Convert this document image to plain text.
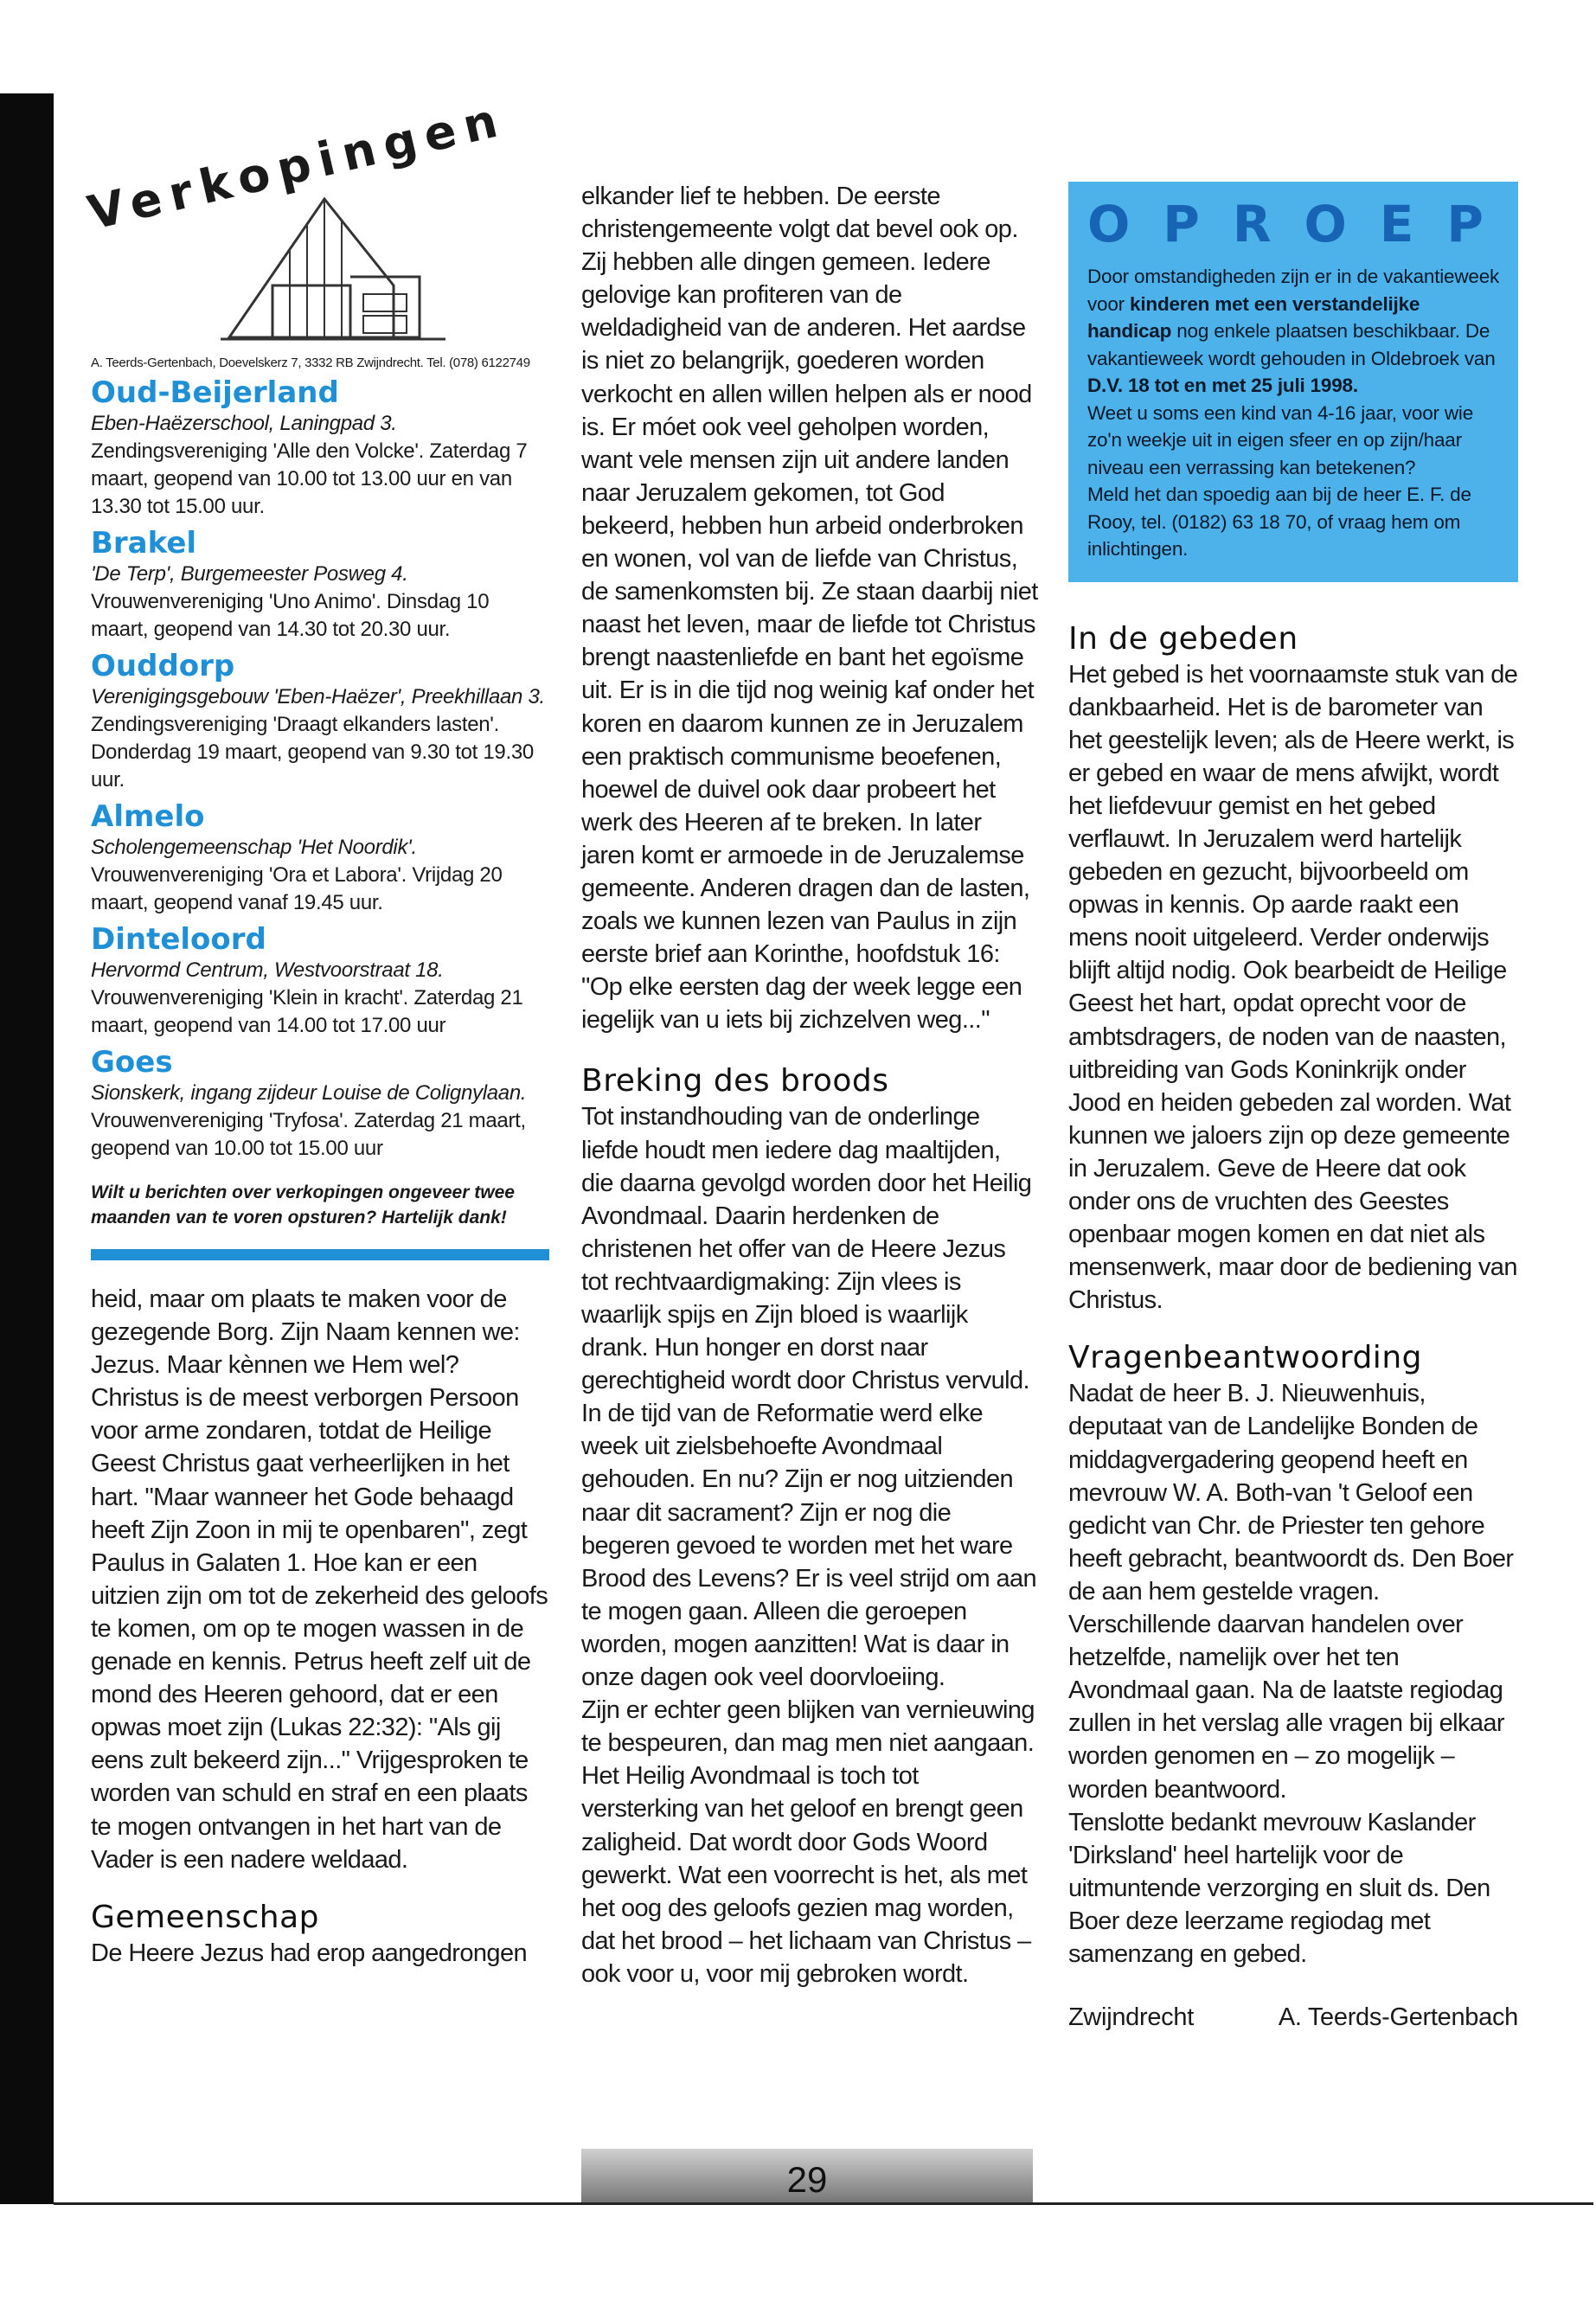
Verkopingen
A. Teerds-Gertenbach, Doevelskerz 7, 3332 RB Zwijndrecht. Tel. (078) 6122749
Oud-Beijerland

Eben-Haëzerschool, Laningpad 3. Zendingsvereniging 'Alle den Volcke'. Zaterdag 7 maart, geopend van 10.00 tot 13.00 uur en van 13.30 tot 15.00 uur.

Brakel

'De Terp', Burgemeester Posweg 4. Vrouwenvereniging 'Uno Animo'. Dinsdag 10 maart, geopend van 14.30 tot 20.30 uur.

Ouddorp

Verenigingsgebouw 'Eben-Haëzer', Preekhillaan 3. Zendingsvereniging 'Draagt elkanders lasten'. Donderdag 19 maart, geopend van 9.30 tot 19.30 uur.

Almelo

Scholengemeenschap 'Het Noordik'. Vrouwenvereniging 'Ora et Labora'. Vrijdag 20 maart, geopend vanaf 19.45 uur.

Dinteloord

Hervormd Centrum, Westvoorstraat 18. Vrouwenvereniging 'Klein in kracht'. Zaterdag 21 maart, geopend van 14.00 tot 17.00 uur

Goes

Sionskerk, ingang zijdeur Louise de Colignylaan. Vrouwenvereniging 'Tryfosa'. Zaterdag 21 maart, geopend van 10.00 tot 15.00 uur

Wilt u berichten over verkopingen ongeveer twee maanden van te voren opsturen? Hartelijk dank!

heid, maar om plaats te maken voor de gezegende Borg. Zijn Naam kennen we: Jezus. Maar kènnen we Hem wel? Christus is de meest verborgen Persoon voor arme zondaren, totdat de Heilige Geest Christus gaat verheerlijken in het hart. "Maar wanneer het Gode behaagd heeft Zijn Zoon in mij te openbaren", zegt Paulus in Galaten 1. Hoe kan er een uitzien zijn om tot de zekerheid des geloofs te komen, om op te mogen wassen in de genade en kennis. Petrus heeft zelf uit de mond des Heeren gehoord, dat er een opwas moet zijn (Lukas 22:32): "Als gij eens zult bekeerd zijn..." Vrijgesproken te worden van schuld en straf en een plaats te mogen ontvangen in het hart van de Vader is een nadere weldaad.

Gemeenschap

De Heere Jezus had erop aangedrongen

elkander lief te hebben. De eerste christengemeente volgt dat bevel ook op. Zij hebben alle dingen gemeen. Iedere gelovige kan profiteren van de weldadigheid van de anderen. Het aardse is niet zo belangrijk, goederen worden verkocht en allen willen helpen als er nood is. Er móet ook veel geholpen worden, want vele mensen zijn uit andere landen naar Jeruzalem gekomen, tot God bekeerd, hebben hun arbeid onderbroken en wonen, vol van de liefde van Christus, de samenkomsten bij. Ze staan daarbij niet naast het leven, maar de liefde tot Christus brengt naastenliefde en bant het egoïsme uit. Er is in die tijd nog weinig kaf onder het koren en daarom kunnen ze in Jeruzalem een praktisch communisme beoefenen, hoewel de duivel ook daar probeert het werk des Heeren af te breken. In later jaren komt er armoede in de Jeruzalemse gemeente. Anderen dragen dan de lasten, zoals we kunnen lezen van Paulus in zijn eerste brief aan Korinthe, hoofdstuk 16: "Op elke eersten dag der week legge een iegelijk van u iets bij zichzelven weg..."

Breking des broods

Tot instandhouding van de onderlinge liefde houdt men iedere dag maaltijden, die daarna gevolgd worden door het Heilig Avondmaal. Daarin herdenken de christenen het offer van de Heere Jezus tot rechtvaardigmaking: Zijn vlees is waarlijk spijs en Zijn bloed is waarlijk drank. Hun honger en dorst naar gerechtigheid wordt door Christus vervuld. In de tijd van de Reformatie werd elke week uit zielsbehoefte Avondmaal gehouden. En nu? Zijn er nog uitzienden naar dit sacrament? Zijn er nog die begeren gevoed te worden met het ware Brood des Levens? Er is veel strijd om aan te mogen gaan. Alleen die geroepen worden, mogen aanzitten! Wat is daar in onze dagen ook veel doorvloeiing.

Zijn er echter geen blijken van vernieuwing te bespeuren, dan mag men niet aangaan. Het Heilig Avondmaal is toch tot versterking van het geloof en brengt geen zaligheid. Dat wordt door Gods Woord gewerkt. Wat een voorrecht is het, als met het oog des geloofs gezien mag worden, dat het brood – het lichaam van Christus – ook voor u, voor mij gebroken wordt.

OPROEP

Door omstandigheden zijn er in de vakantieweek voor kinderen met een verstandelijke handicap nog enkele plaatsen beschikbaar. De vakantieweek wordt gehouden in Oldebroek van D.V. 18 tot en met 25 juli 1998.

Weet u soms een kind van 4-16 jaar, voor wie zo'n weekje uit in eigen sfeer en op zijn/haar niveau een verrassing kan betekenen?

Meld het dan spoedig aan bij de heer E. F. de Rooy, tel. (0182) 63 18 70, of vraag hem om inlichtingen.

In de gebeden

Het gebed is het voornaamste stuk van de dankbaarheid. Het is de barometer van het geestelijk leven; als de Heere werkt, is er gebed en waar de mens afwijkt, wordt het liefdevuur gemist en het gebed verflauwt. In Jeruzalem werd hartelijk gebeden en gezucht, bijvoorbeeld om opwas in kennis. Op aarde raakt een mens nooit uitgeleerd. Verder onderwijs blijft altijd nodig. Ook bearbeidt de Heilige Geest het hart, opdat oprecht voor de ambtsdragers, de noden van de naasten, uitbreiding van Gods Koninkrijk onder Jood en heiden gebeden zal worden. Wat kunnen we jaloers zijn op deze gemeente in Jeruzalem. Geve de Heere dat ook onder ons de vruchten des Geestes openbaar mogen komen en dat niet als mensenwerk, maar door de bediening van Christus.

Vragenbeantwoording

Nadat de heer B. J. Nieuwenhuis, deputaat van de Landelijke Bonden de middagvergadering geopend heeft en mevrouw W. A. Both-van 't Geloof een gedicht van Chr. de Priester ten gehore heeft gebracht, beantwoordt ds. Den Boer de aan hem gestelde vragen. Verschillende daarvan handelen over hetzelfde, namelijk over het ten Avondmaal gaan. Na de laatste regiodag zullen in het verslag alle vragen bij elkaar worden genomen en – zo mogelijk – worden beantwoord.

Tenslotte bedankt mevrouw Kaslander 'Dirksland' heel hartelijk voor de uitmuntende verzorging en sluit ds. Den Boer deze leerzame regiodag met samenzang en gebed.

Zwijndrecht	A. Teerds-Gertenbach
29
